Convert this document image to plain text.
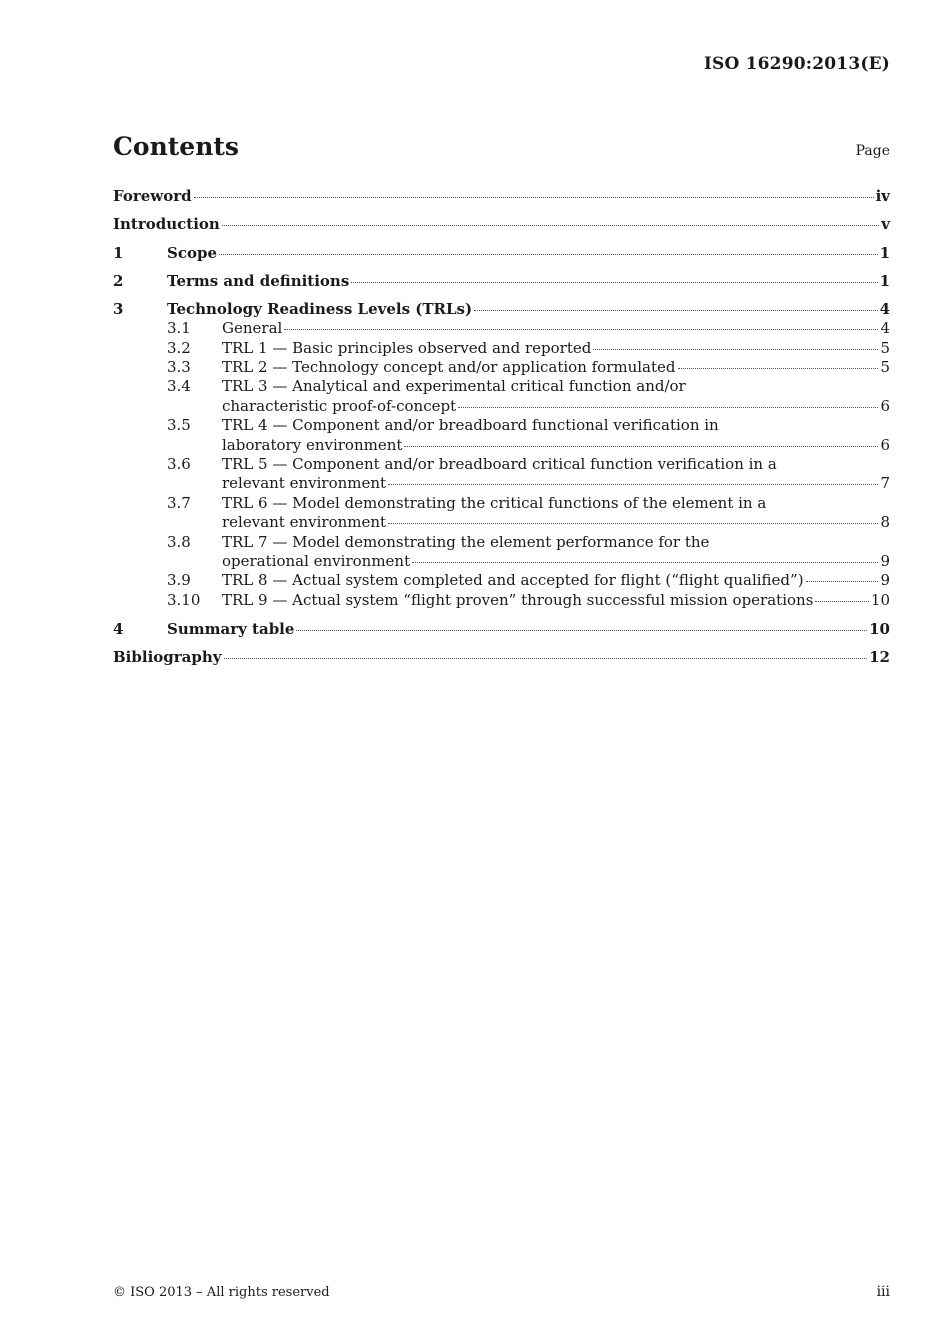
ISO 16290:2013(E)
Contents	Page
Foreword	iv
Introduction	v
1	Scope	1
2	Terms and definitions	1
3	Technology Readiness Levels (TRLs)	4
3.1 General	4
3.2 TRL 1 — Basic principles observed and reported	5
3.3 TRL 2 — Technology concept and/or application formulated	5
3.4 TRL 3 — Analytical and experimental critical function and/or
characteristic proof-of-concept	6
3.5 TRL 4 — Component and/or breadboard functional verification in
laboratory environment	6
3.6 TRL 5 — Component and/or breadboard critical function verification in a
relevant environment	7
3.7 TRL 6 — Model demonstrating the critical functions of the element in a
relevant environment	8
3.8 TRL 7 — Model demonstrating the element performance for the
operational environment	9
3.9 TRL 8 — Actual system completed and accepted for flight (“flight qualified”)	9
3.10 TRL 9 — Actual system “flight proven” through successful mission operations	10
4	Summary table	10
Bibliography	12
© ISO 2013 – All rights reserved	iii
